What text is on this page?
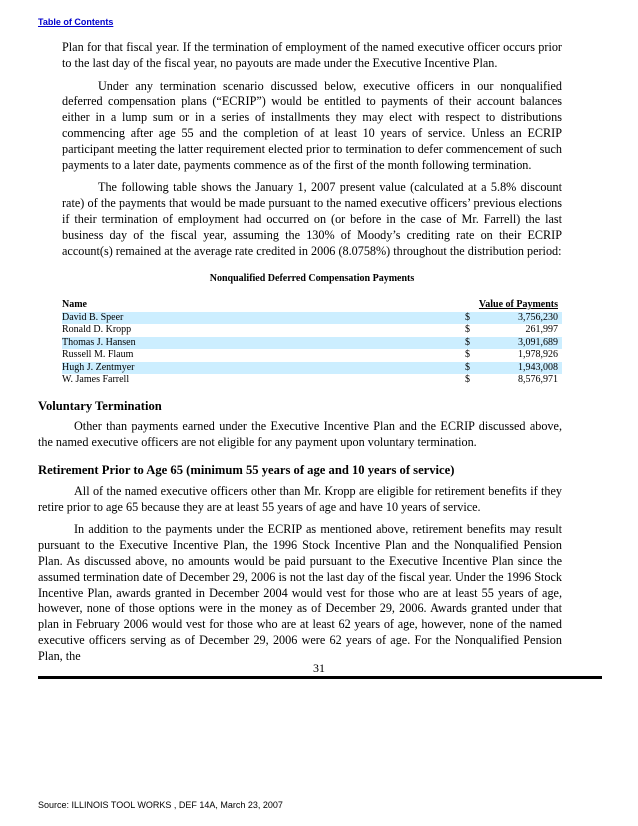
Table of Contents

Plan for that fiscal year. If the termination of employment of the named executive officer occurs prior to the last day of the fiscal year, no payouts are made under the Executive Incentive Plan.

Under any termination scenario discussed below, executive officers in our nonqualified deferred compensation plans (“ECRIP”) would be entitled to payments of their account balances either in a lump sum or in a series of installments they may elect with respect to distributions commencing after age 55 and the completion of at least 10 years of service. Unless an ECRIP participant meeting the latter requirement elected prior to termination to defer commencement of such payments to a later date, payments commence as of the first of the month following termination.

The following table shows the January 1, 2007 present value (calculated at a 5.8% discount rate) of the payments that would be made pursuant to the named executive officers’ previous elections if their termination of employment had occurred on (or before in the case of Mr. Farrell) the last business day of the fiscal year, assuming the 130% of Moody’s crediting rate on their ECRIP account(s) remained at the average rate credited in 2006 (8.0758%) throughout the distribution period:

Nonqualified Deferred Compensation Payments
Name	Value of Payments	
David B. Speer	$	3,756,230
Ronald D. Kropp	$	261,997
Thomas J. Hansen	$	3,091,689
Russell M. Flaum	$	1,978,926
Hugh J. Zentmyer	$	1,943,008
W. James Farrell	$	8,576,971
Voluntary Termination

Other than payments earned under the Executive Incentive Plan and the ECRIP discussed above, the named executive officers are not eligible for any payment upon voluntary termination.

Retirement Prior to Age 65 (minimum 55 years of age and 10 years of service)

All of the named executive officers other than Mr. Kropp are eligible for retirement benefits if they retire prior to age 65 because they are at least 55 years of age and have 10 years of service.

In addition to the payments under the ECRIP as mentioned above, retirement benefits may result pursuant to the Executive Incentive Plan, the 1996 Stock Incentive Plan and the Nonqualified Pension Plan. As discussed above, no amounts would be paid pursuant to the Executive Incentive Plan since the assumed termination date of December 29, 2006 is not the last day of the fiscal year. Under the 1996 Stock Incentive Plan, awards granted in December 2004 would vest for those who are at least 55 years of age, however, none of those options were in the money as of December 29, 2006. Awards granted under that plan in February 2006 would vest for those who are at least 62 years of age, however, none of the named executive officers serving as of December 29, 2006 were 62 years of age. For the Nonqualified Pension Plan, the

31
Source: ILLINOIS TOOL WORKS , DEF 14A, March 23, 2007
